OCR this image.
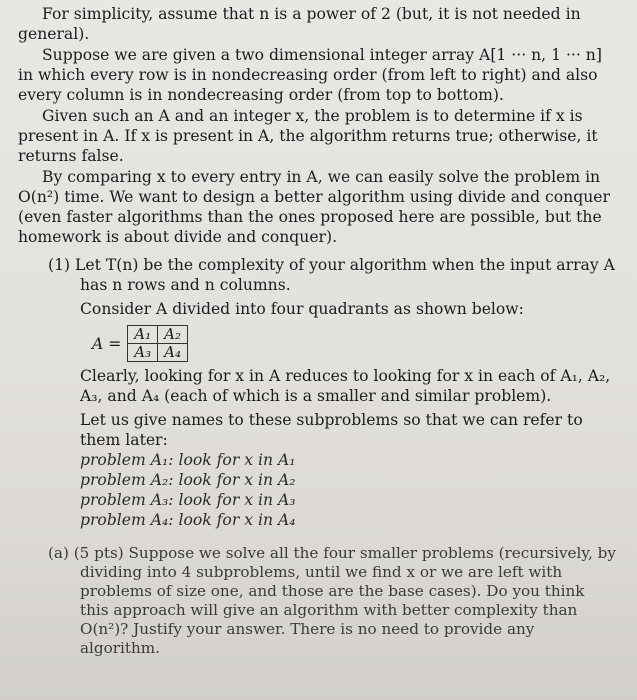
For simplicity, assume that n is a power of 2 (but, it is not needed in general).

Suppose we are given a two dimensional integer array A[1 ··· n, 1 ··· n] in which every row is in nondecreasing order (from left to right) and also every column is in nondecreasing order (from top to bottom).

Given such an A and an integer x, the problem is to determine if x is present in A. If x is present in A, the algorithm returns true; otherwise, it returns false.

By comparing x to every entry in A, we can easily solve the problem in O(n²) time. We want to design a better algorithm using divide and conquer (even faster algorithms than the ones proposed here are possible, but the homework is about divide and conquer).

(1) Let T(n) be the complexity of your algorithm when the input array A

has n rows and n columns.

Consider A divided into four quadrants as shown below:

A =
A₁	A₂
A₃	A₄

Clearly, looking for x in A reduces to looking for x in each of A₁, A₂, A₃, and A₄ (each of which is a smaller and similar problem).

Let us give names to these subproblems so that we can refer to them later:

problem A₁: look for x in A₁

problem A₂: look for x in A₂

problem A₃: look for x in A₃

problem A₄: look for x in A₄

(a) (5 pts) Suppose we solve all the four smaller problems (recursively, by

dividing into 4 subproblems, until we find x or we are left with problems of size one, and those are the base cases). Do you think this approach will give an algorithm with better complexity than O(n²)? Justify your answer. There is no need to provide any algorithm.
